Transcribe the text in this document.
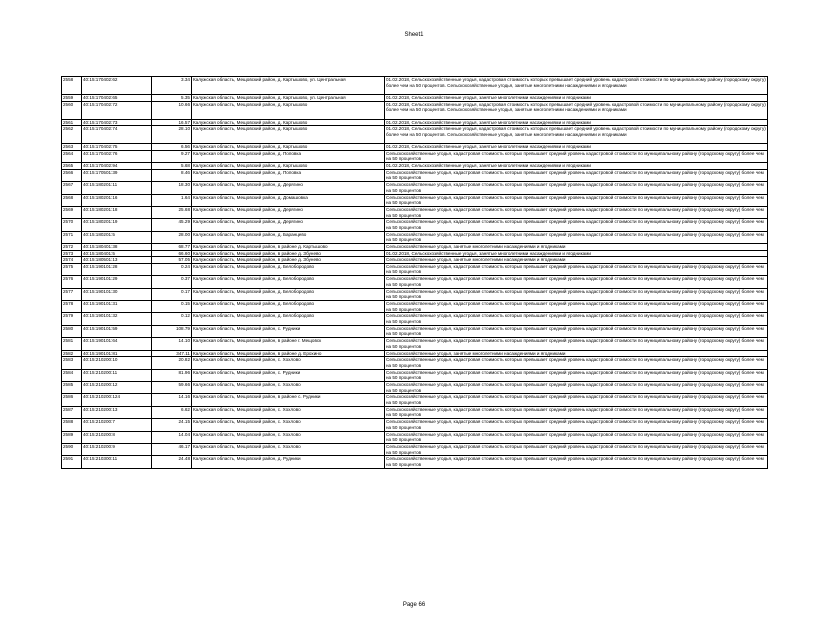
Sheet1
2558	40:15:170402:62	3.34	Калужская область, Мещовский район, д. Картышово, ул. Центральная	01.02.2018, Сельскохозяйственные угодья, кадастровая стоимость которых превышает средний уровень кадастровой стоимости по муниципальному району (городскому округу) более чем на 50 процентов. Сельскохозяйственные угодья, занятые многолетними насаждениями и ягодниками
2559	40:15:170402:65	5.35	Калужская область, Мещовский район, д. Картышово, ул. Центральная	01.02.2018, Сельскохозяйственные угодья, занятые многолетними насаждениями и ягодниками
2560	40:15:170402:72	10.66	Калужская область, Мещовский район, д. Картышово	01.02.2018, Сельскохозяйственные угодья, кадастровая стоимость которых превышает средний уровень кадастровой стоимости по муниципальному району (городскому округу) более чем на 50 процентов. Сельскохозяйственные угодья, занятые многолетними насаждениями и ягодниками
2561	40:15:170402:73	16.57	Калужская область, Мещовский район, д. Картышово	01.02.2018, Сельскохозяйственные угодья, занятые многолетними насаждениями и ягодниками
2562	40:15:170402:74	28.10	Калужская область, Мещовский район, д. Картышово	01.02.2018, Сельскохозяйственные угодья, кадастровая стоимость которых превышает средний уровень кадастровой стоимости по муниципальному району (городскому округу) более чем на 50 процентов. Сельскохозяйственные угодья, занятые многолетними насаждениями и ягодниками
2563	40:15:170402:75	6.56	Калужская область, Мещовский район, д. Картышово	01.02.2018, Сельскохозяйственные угодья, занятые многолетними насаждениями и ягодниками
2564	40:15:170402:76	9.27	Калужская область, Мещовский район, д. Поповка	Сельскохозяйственные угодья, кадастровая стоимость которых превышает средний уровень кадастровой стоимости по муниципальному району (городскому округу) более чем на 50 процентов
2565	40:15:170402:94	5.68	Калужская область, Мещовский район, д. Картышово	01.02.2018, Сельскохозяйственные угодья, занятые многолетними насаждениями и ягодниками
2566	40:15:170501:39	8.46	Калужская область, Мещовский район, д. Поповка	Сельскохозяйственные угодья, кадастровая стоимость которых превышает средний уровень кадастровой стоимости по муниципальному району (городскому округу) более чем на 50 процентов
2567	40:15:180201:11	18.30	Калужская область, Мещовский район, д. Дерягино	Сельскохозяйственные угодья, кадастровая стоимость которых превышает средний уровень кадастровой стоимости по муниципальному району (городскому округу) более чем на 50 процентов
2568	40:15:180201:16	1.64	Калужская область, Мещовский район, д. Домашовка	Сельскохозяйственные угодья, кадастровая стоимость которых превышает средний уровень кадастровой стоимости по муниципальному району (городскому округу) более чем на 50 процентов
2569	40:15:180201:18	25.68	Калужская область, Мещовский район, д. Дерягино	Сельскохозяйственные угодья, кадастровая стоимость которых превышает средний уровень кадастровой стоимости по муниципальному району (городскому округу) более чем на 50 процентов
2570	40:15:180201:19	45.29	Калужская область, Мещовский район, д. Дерягино	Сельскохозяйственные угодья, кадастровая стоимость которых превышает средний уровень кадастровой стоимости по муниципальному району (городскому округу) более чем на 50 процентов
2571	40:15:180201:5	28.00	Калужская область, Мещовский район, д. Баранцево	Сельскохозяйственные угодья, кадастровая стоимость которых превышает средний уровень кадастровой стоимости по муниципальному району (городскому округу) более чем на 50 процентов
2572	40:15:180401:38	68.77	Калужская область, Мещовский район, в районе д. Картышово	Сельскохозяйственные угодья, занятые многолетними насаждениями и ягодниками
2573	40:15:180401:5	66.60	Калужская область, Мещовский район, в районе д. Збунево	01.02.2018, Сельскохозяйственные угодья, занятые многолетними насаждениями и ягодниками
2574	40:15:180501:13	57.05	Калужская область, Мещовский район, в районе д. Збунево	Сельскохозяйственные угодья, занятые многолетними насаждениями и ягодниками
2575	40:15:190101:28	0.24	Калужская область, Мещовский район, д. Белобородово	Сельскохозяйственные угодья, кадастровая стоимость которых превышает средний уровень кадастровой стоимости по муниципальному району (городскому округу) более чем на 50 процентов
2576	40:15:190101:29	0.37	Калужская область, Мещовский район, д. Белобородово	Сельскохозяйственные угодья, кадастровая стоимость которых превышает средний уровень кадастровой стоимости по муниципальному району (городскому округу) более чем на 50 процентов
2577	40:15:190101:30	0.17	Калужская область, Мещовский район, д. Белобородово	Сельскохозяйственные угодья, кадастровая стоимость которых превышает средний уровень кадастровой стоимости по муниципальному району (городскому округу) более чем на 50 процентов
2578	40:15:190101:31	0.15	Калужская область, Мещовский район, д. Белобородово	Сельскохозяйственные угодья, кадастровая стоимость которых превышает средний уровень кадастровой стоимости по муниципальному району (городскому округу) более чем на 50 процентов
2579	40:15:190101:32	0.12	Калужская область, Мещовский район, д. Белобородово	Сельскохозяйственные угодья, кадастровая стоимость которых превышает средний уровень кадастровой стоимости по муниципальному району (городскому округу) более чем на 50 процентов
2580	40:15:190101:59	108.79	Калужская область, Мещовский район, с. Рудники	Сельскохозяйственные угодья, кадастровая стоимость которых превышает средний уровень кадастровой стоимости по муниципальному району (городскому округу) более чем на 50 процентов
2581	40:15:190101:64	14.10	Калужская область, Мещовский район, в районе г. Мещовск	Сельскохозяйственные угодья, кадастровая стоимость которых превышает средний уровень кадастровой стоимости по муниципальному району (городскому округу) более чем на 50 процентов
2582	40:15:190101:81	347.11	Калужская область, Мещовский район, в районе д. Ерохино	Сельскохозяйственные угодья, занятые многолетними насаждениями и ягодниками
2583	40:15:210200:10	20.82	Калужская область, Мещовский район, с. Хохлово	Сельскохозяйственные угодья, кадастровая стоимость которых превышает средний уровень кадастровой стоимости по муниципальному району (городскому округу) более чем на 50 процентов
2584	40:15:210200:11	81.96	Калужская область, Мещовский район, с. Рудники	Сельскохозяйственные угодья, кадастровая стоимость которых превышает средний уровень кадастровой стоимости по муниципальному району (городскому округу) более чем на 50 процентов
2585	40:15:210200:12	59.66	Калужская область, Мещовский район, с. Хохлово	Сельскохозяйственные угодья, кадастровая стоимость которых превышает средний уровень кадастровой стоимости по муниципальному району (городскому округу) более чем на 50 процентов
2586	40:15:210200:124	14.16	Калужская область, Мещовский район, в районе с. Рудники	Сельскохозяйственные угодья, кадастровая стоимость которых превышает средний уровень кадастровой стоимости по муниципальному району (городскому округу) более чем на 50 процентов
2587	40:15:210200:13	6.62	Калужская область, Мещовский район, с. Хохлово	Сельскохозяйственные угодья, кадастровая стоимость которых превышает средний уровень кадастровой стоимости по муниципальному району (городскому округу) более чем на 50 процентов
2588	40:15:210200:7	24.15	Калужская область, Мещовский район, с. Хохлово	Сельскохозяйственные угодья, кадастровая стоимость которых превышает средний уровень кадастровой стоимости по муниципальному району (городскому округу) более чем на 50 процентов
2589	40:15:210200:8	14.04	Калужская область, Мещовский район, с. Хохлово	Сельскохозяйственные угодья, кадастровая стоимость которых превышает средний уровень кадастровой стоимости по муниципальному району (городскому округу) более чем на 50 процентов
2590	40:15:210200:9	46.17	Калужская область, Мещовский район, с. Хохлово	Сельскохозяйственные угодья, кадастровая стоимость которых превышает средний уровень кадастровой стоимости по муниципальному району (городскому округу) более чем на 50 процентов
2591	40:15:210300:11	24.48	Калужская область, Мещовский район, д. Рудники	Сельскохозяйственные угодья, кадастровая стоимость которых превышает средний уровень кадастровой стоимости по муниципальному району (городскому округу) более чем на 50 процентов
Page 66
